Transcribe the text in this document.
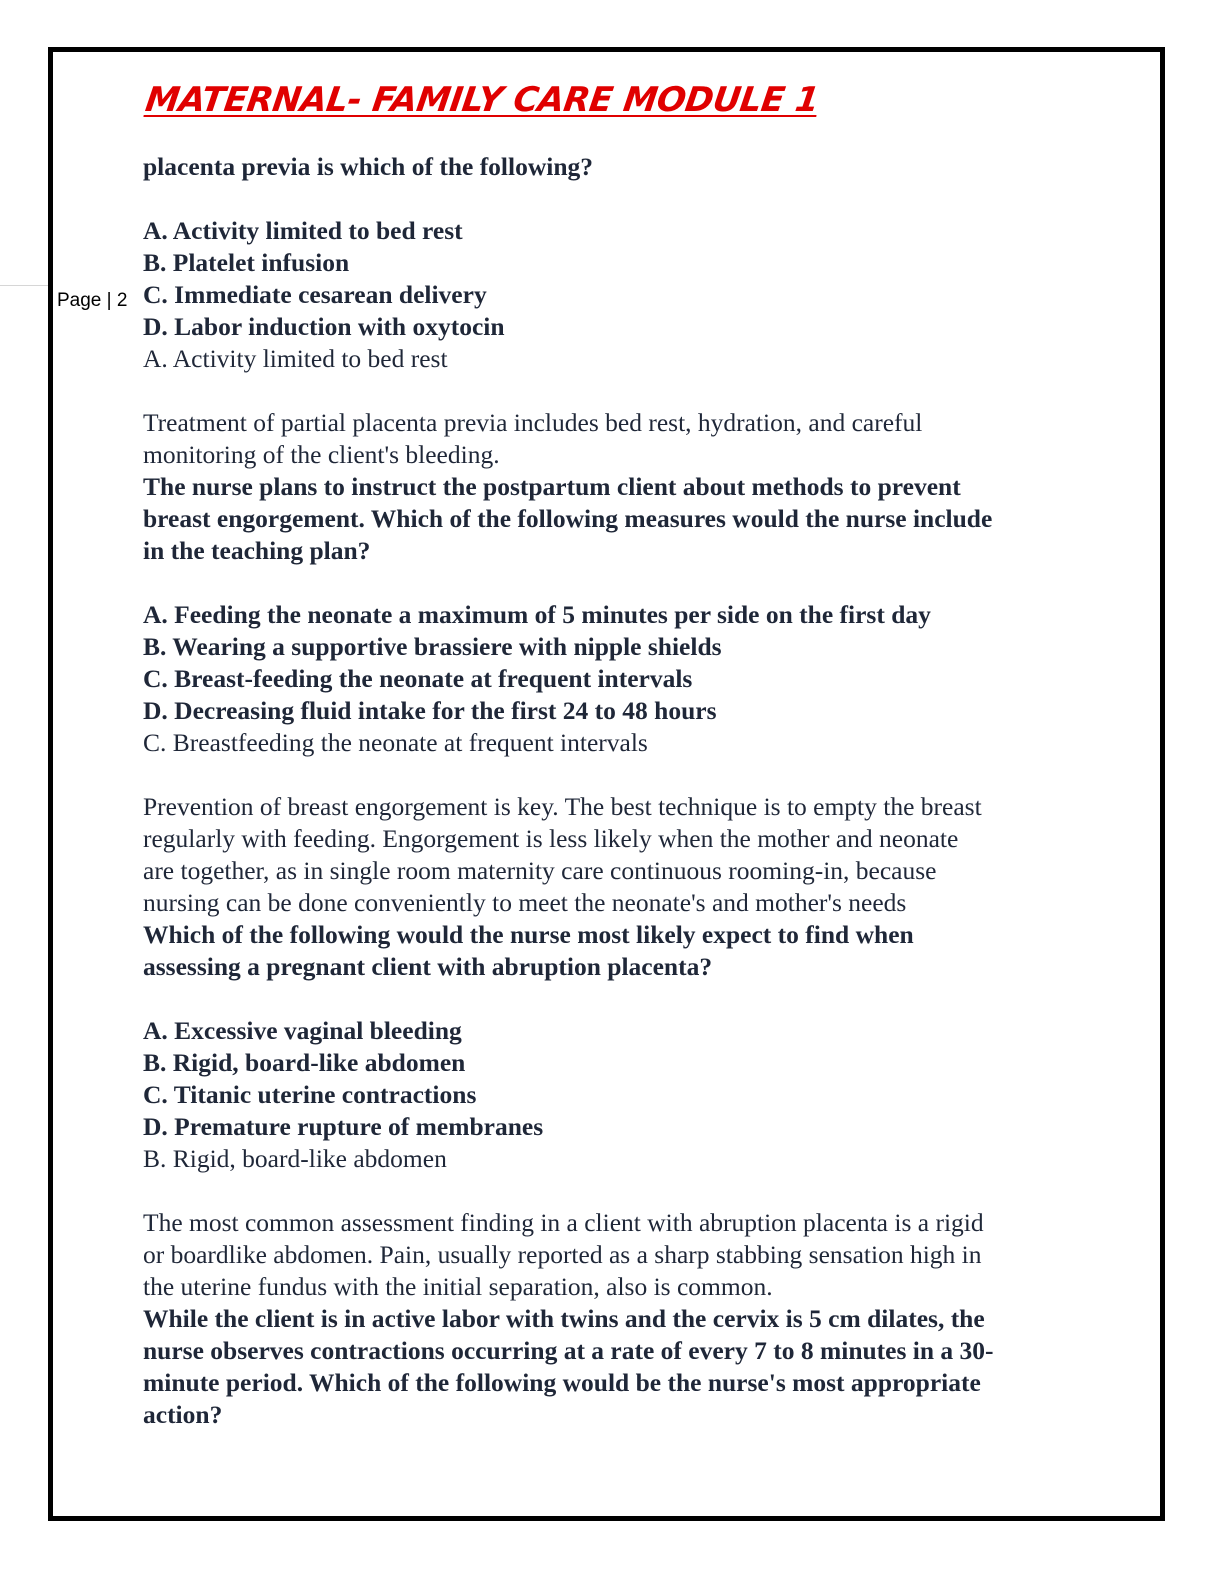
Page | 2
MATERNAL- FAMILY CARE MODULE 1

placenta previa is which of the following?

A. Activity limited to bed rest

B. Platelet infusion

C. Immediate cesarean delivery

D. Labor induction with oxytocin

A. Activity limited to bed rest

Treatment of partial placenta previa includes bed rest, hydration, and careful

monitoring of the client's bleeding.

The nurse plans to instruct the postpartum client about methods to prevent

breast engorgement. Which of the following measures would the nurse include

in the teaching plan?

A. Feeding the neonate a maximum of 5 minutes per side on the first day

B. Wearing a supportive brassiere with nipple shields

C. Breast-feeding the neonate at frequent intervals

D. Decreasing fluid intake for the first 24 to 48 hours

C. Breastfeeding the neonate at frequent intervals

Prevention of breast engorgement is key. The best technique is to empty the breast

regularly with feeding. Engorgement is less likely when the mother and neonate

are together, as in single room maternity care continuous rooming-in, because

nursing can be done conveniently to meet the neonate's and mother's needs

Which of the following would the nurse most likely expect to find when

assessing a pregnant client with abruption placenta?

A. Excessive vaginal bleeding

B. Rigid, board-like abdomen

C. Titanic uterine contractions

D. Premature rupture of membranes

B. Rigid, board-like abdomen

The most common assessment finding in a client with abruption placenta is a rigid

or boardlike abdomen. Pain, usually reported as a sharp stabbing sensation high in

the uterine fundus with the initial separation, also is common.

While the client is in active labor with twins and the cervix is 5 cm dilates, the

nurse observes contractions occurring at a rate of every 7 to 8 minutes in a 30-

minute period. Which of the following would be the nurse's most appropriate

action?
